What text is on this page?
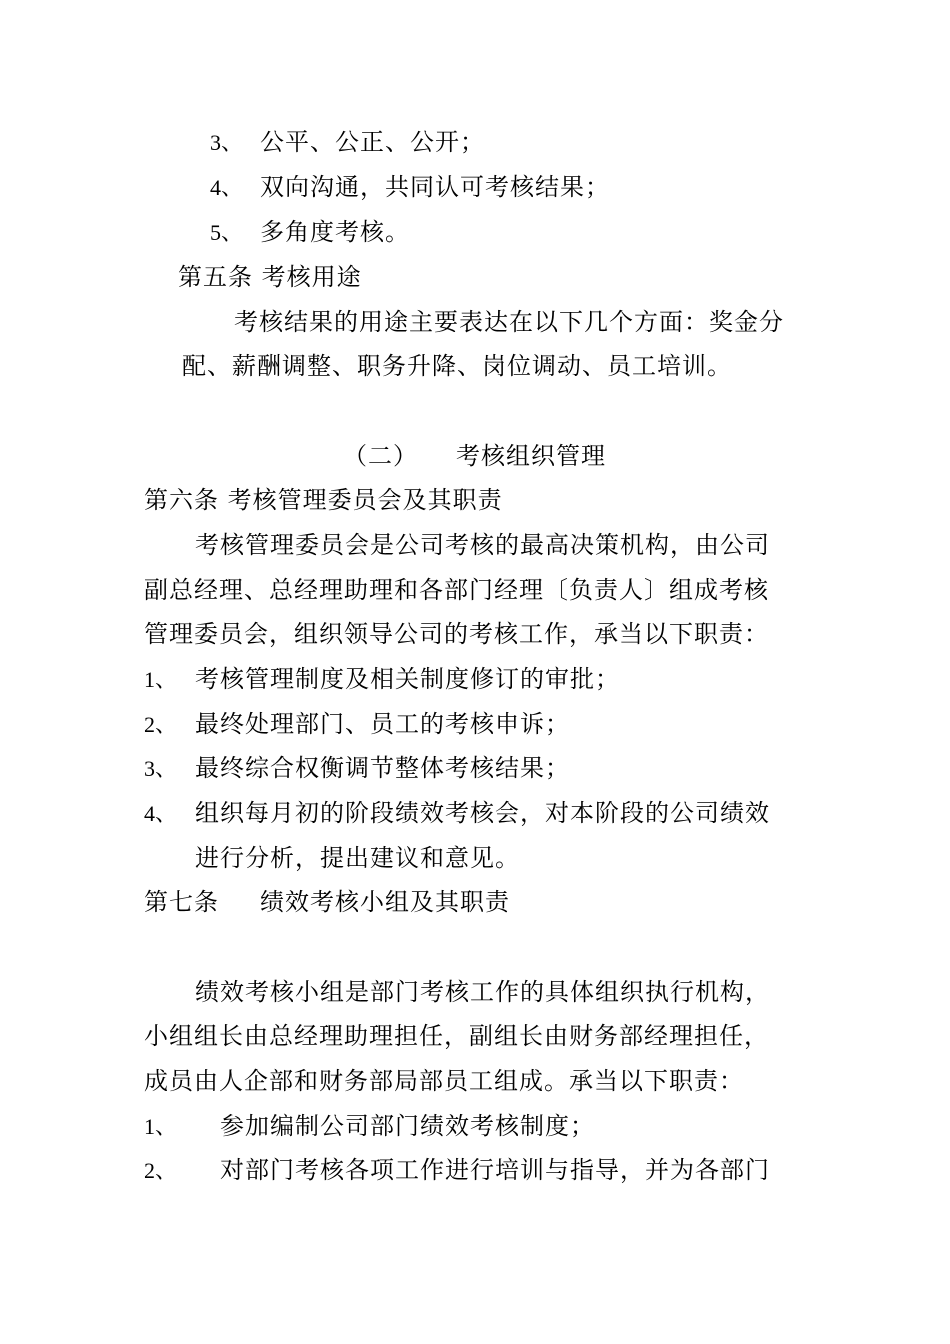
3、 公平、公正、公开；
4、 双向沟通，共同认可考核结果；
5、 多角度考核。
第五条 考核用途
考核结果的用途主要表达在以下几个方面：奖金分
配、薪酬调整、职务升降、岗位调动、员工培训。
（二） 考核组织管理
第六条 考核管理委员会及其职责
考核管理委员会是公司考核的最高决策机构，由公司
副总经理、总经理助理和各部门经理〔负责人〕组成考核
管理委员会，组织领导公司的考核工作，承当以下职责：
1、 考核管理制度及相关制度修订的审批；
2、 最终处理部门、员工的考核申诉；
3、 最终综合权衡调节整体考核结果；
4、 组织每月初的阶段绩效考核会，对本阶段的公司绩效
进行分析，提出建议和意见。
第七条 绩效考核小组及其职责
绩效考核小组是部门考核工作的具体组织执行机构，
小组组长由总经理助理担任，副组长由财务部经理担任，
成员由人企部和财务部局部员工组成。承当以下职责：
1、 参加编制公司部门绩效考核制度；
2、 对部门考核各项工作进行培训与指导，并为各部门
